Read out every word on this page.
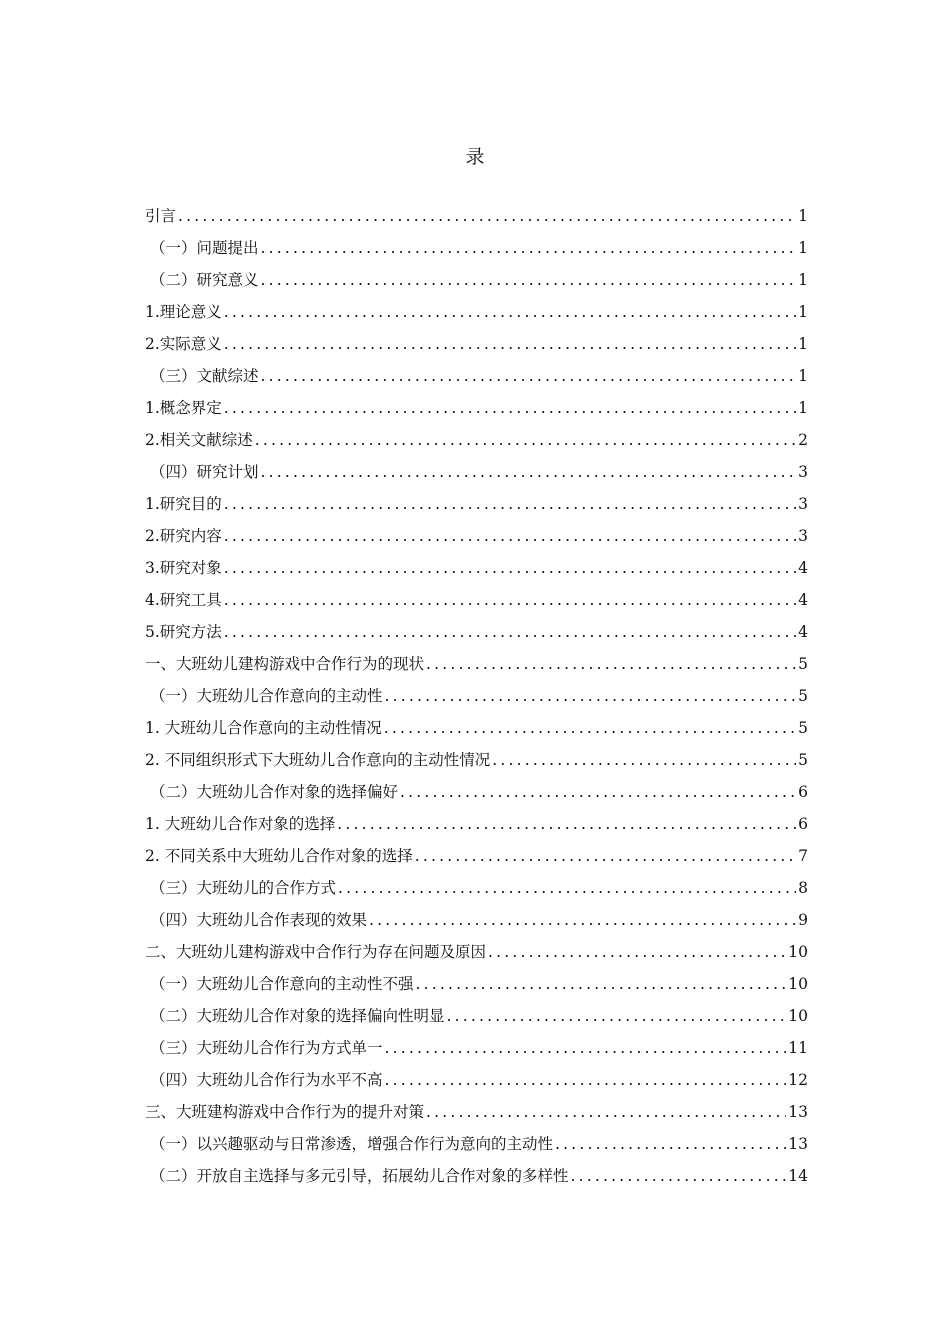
录
引言 .....	1
（一）问题提出 .....	1
（二）研究意义 .....	1
1.理论意义 .....	1
2.实际意义 .....	1
（三）文献综述 .....	1
1.概念界定 .....	1
2.相关文献综述 .....	2
（四）研究计划 .....	3
1.研究目的 .....	3
2.研究内容 .....	3
3.研究对象 .....	4
4.研究工具 .....	4
5.研究方法 .....	4
一、大班幼儿建构游戏中合作行为的现状 .....	5
（一）大班幼儿合作意向的主动性 .....	5
1. 大班幼儿合作意向的主动性情况 .....	5
2. 不同组织形式下大班幼儿合作意向的主动性情况 .....	5
（二）大班幼儿合作对象的选择偏好 .....	6
1. 大班幼儿合作对象的选择 .....	6
2. 不同关系中大班幼儿合作对象的选择 .....	7
（三）大班幼儿的合作方式 .....	8
（四）大班幼儿合作表现的效果 .....	9
二、大班幼儿建构游戏中合作行为存在问题及原因 .....	10
（一）大班幼儿合作意向的主动性不强 .....	10
（二）大班幼儿合作对象的选择偏向性明显 .....	10
（三）大班幼儿合作行为方式单一 .....	11
（四）大班幼儿合作行为水平不高 .....	12
三、大班建构游戏中合作行为的提升对策 .....	13
（一）以兴趣驱动与日常渗透，增强合作行为意向的主动性 .....	13
（二）开放自主选择与多元引导，拓展幼儿合作对象的多样性 .....	14
